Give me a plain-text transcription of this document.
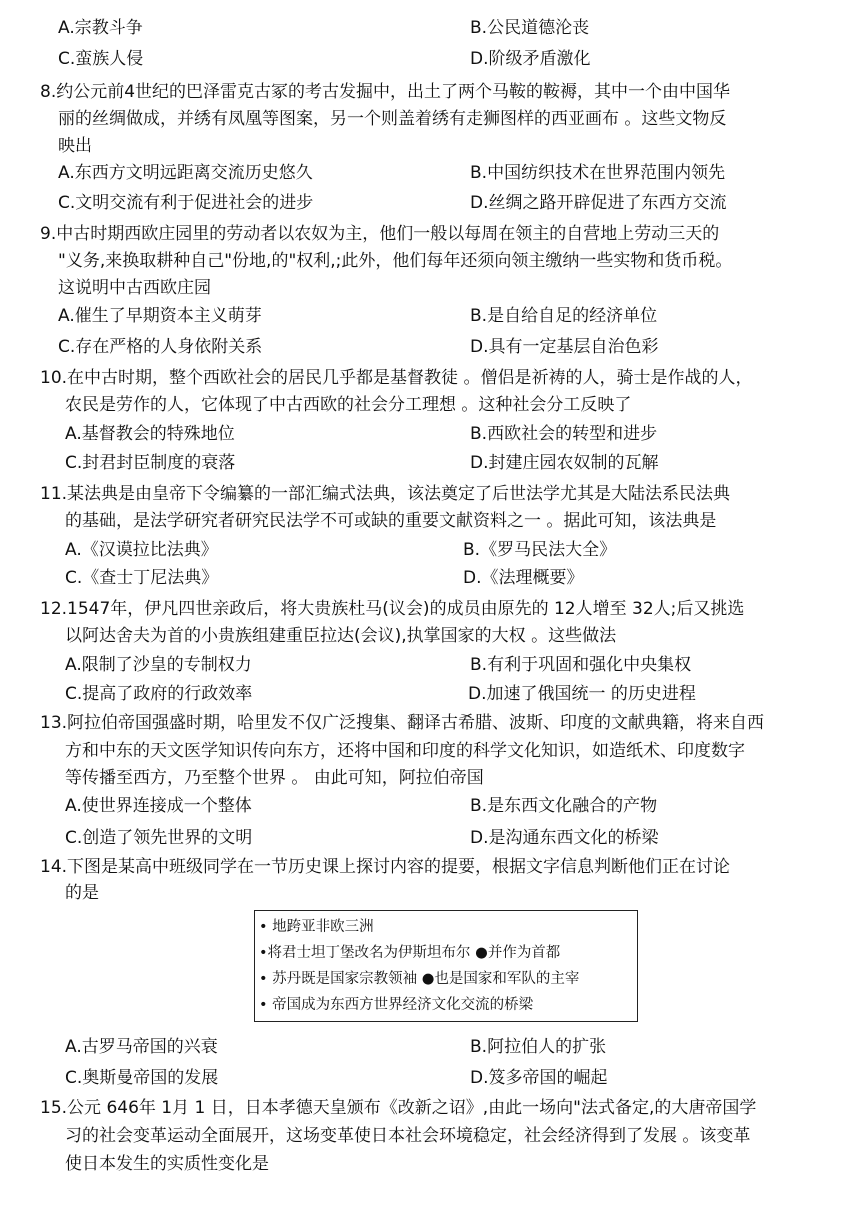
A.宗教斗争	B.公民道德沦丧
C.蛮族人侵	D.阶级矛盾激化
8.约公元前4世纪的巴泽雷克古冢的考古发掘中，出土了两个马鞍的鞍褥，其中一个由中国华
丽的丝绸做成，并绣有凤凰等图案，另一个则盖着绣有走狮图样的西亚画布 。这些文物反
映出
A.东西方文明远距离交流历史悠久	B.中国纺织技术在世界范围内领先
C.文明交流有利于促进社会的进步	D.丝绸之路开辟促进了东西方交流
9.中古时期西欧庄园里的劳动者以农奴为主，他们一般以每周在领主的自营地上劳动三天的
"义务,来换取耕种自己"份地,的"权利,;此外，他们每年还须向领主缴纳一些实物和货币税。
这说明中古西欧庄园
A.催生了早期资本主义萌芽	B.是自给自足的经济单位
C.存在严格的人身依附关系	D.具有一定基层自治色彩
10.在中古时期，整个西欧社会的居民几乎都是基督教徒 。僧侣是祈祷的人，骑士是作战的人，
农民是劳作的人，它体现了中古西欧的社会分工理想 。这种社会分工反映了
A.基督教会的特殊地位	B.西欧社会的转型和进步
C.封君封臣制度的衰落	D.封建庄园农奴制的瓦解
11.某法典是由皇帝下令编纂的一部汇编式法典，该法奠定了后世法学尤其是大陆法系民法典
的基础，是法学研究者研究民法学不可或缺的重要文献资料之一 。据此可知，该法典是
A.《汉谟拉比法典》	B.《罗马民法大全》
C.《查士丁尼法典》	D.《法理概要》
12.1547年，伊凡四世亲政后，将大贵族杜马(议会)的成员由原先的 12人增至 32人;后又挑选
以阿达舍夫为首的小贵族组建重臣拉达(会议),执掌国家的大权 。这些做法
A.限制了沙皇的专制权力	B.有利于巩固和强化中央集权
C.提高了政府的行政效率	D.加速了俄国统一 的历史进程
13.阿拉伯帝国强盛时期，哈里发不仅广泛搜集、翻译古希腊、波斯、印度的文献典籍，将来自西
方和中东的天文医学知识传向东方，还将中国和印度的科学文化知识，如造纸术、印度数字
等传播至西方，乃至整个世界 。 由此可知，阿拉伯帝国
A.使世界连接成一个整体	B.是东西文化融合的产物
C.创造了领先世界的文明	D.是沟通东西文化的桥梁
14.下图是某高中班级同学在一节历史课上探讨内容的提要，根据文字信息判断他们正在讨论
的是
• 地跨亚非欧三洲
•将君士坦丁堡改名为伊斯坦布尔 ●并作为首都
• 苏丹既是国家宗教领袖 ●也是国家和军队的主宰
• 帝国成为东西方世界经济文化交流的桥梁
A.古罗马帝国的兴衰	B.阿拉伯人的扩张
C.奥斯曼帝国的发展	D.笈多帝国的崛起
15.公元 646年 1月 1 日，日本孝德天皇颁布《改新之诏》,由此一场向"法式备定,的大唐帝国学
习的社会变革运动全面展开，这场变革使日本社会环境稳定，社会经济得到了发展 。该变革
使日本发生的实质性变化是
